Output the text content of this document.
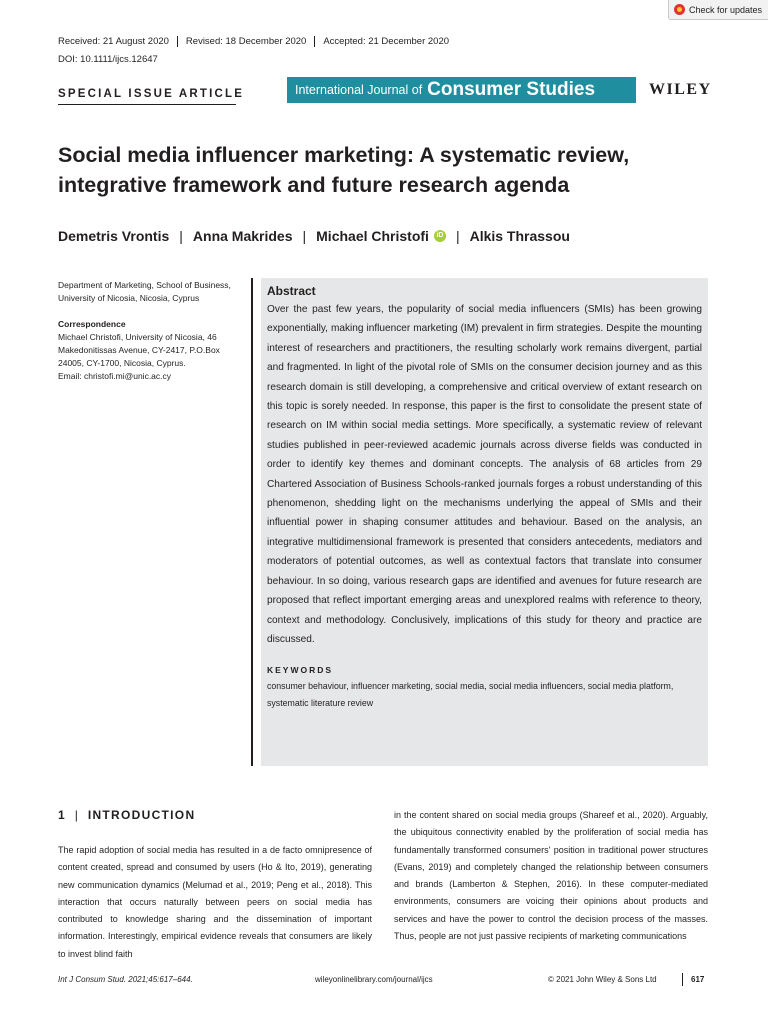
Check for updates
Received: 21 August 2020	Revised: 18 December 2020	Accepted: 21 December 2020
DOI: 10.1111/ijcs.12647
SPECIAL ISSUE ARTICLE	International Journal of Consumer Studies	WILEY
Social media influencer marketing: A systematic review,
integrative framework and future research agenda
Demetris Vrontis | Anna Makrides | Michael Christofi	iD | Alkis Thrassou

Department of Marketing, School of Business, University of Nicosia, Nicosia, Cyprus

Correspondence

Michael Christofi, University of Nicosia, 46 Makedonitissas Avenue, CY-2417, P.O.Box 24005, CY-1700, Nicosia, Cyprus.

Email: christofi.mi@unic.ac.cy

Abstract

Over the past few years, the popularity of social media influencers (SMIs) has been growing exponentially, making influencer marketing (IM) prevalent in firm strategies. Despite the mounting interest of researchers and practitioners, the resulting scholarly work remains divergent, partial and fragmented. In light of the pivotal role of SMIs on the consumer decision journey and as this research domain is still developing, a comprehensive and critical overview of extant research on this topic is sorely needed. In response, this paper is the first to consolidate the present state of research on IM within social media settings. More specifically, a systematic review of relevant studies published in peer-reviewed academic journals across diverse fields was conducted in order to identify key themes and dominant concepts. The analysis of 68 articles from 29 Chartered Association of Business Schools-ranked journals forges a robust understanding of this phenomenon, shedding light on the mechanisms underlying the appeal of SMIs and their influential power in shaping consumer attitudes and behaviour. Based on the analysis, an integrative multidimensional framework is presented that considers antecedents, mediators and moderators of potential outcomes, as well as contextual factors that translate into consumer behaviour. In so doing, various research gaps are identified and avenues for future research are proposed that reflect important emerging areas and unexplored realms with reference to theory, context and methodology. Conclusively, implications of this study for theory and practice are discussed.

KEYWORDS
consumer behaviour, influencer marketing, social media, social media influencers, social media platform, systematic literature review
1 | INTRODUCTION

The rapid adoption of social media has resulted in a de facto omnipresence of content created, spread and consumed by users (Ho & Ito, 2019), generating new communication dynamics (Melumad et al., 2019; Peng et al., 2018). This interaction that occurs naturally between peers on social media has contributed to knowledge sharing and the dissemination of important information. Interestingly, empirical evidence reveals that consumers are likely to invest blind faith

in the content shared on social media groups (Shareef et al., 2020). Arguably, the ubiquitous connectivity enabled by the proliferation of social media has fundamentally transformed consumers' position in traditional power structures (Evans, 2019) and completely changed the relationship between consumers and brands (Lamberton & Stephen, 2016). In these computer-mediated environments, consumers are voicing their opinions about products and services and have the power to control the decision process of the masses. Thus, people are not just passive recipients of marketing communications

Int J Consum Stud. 2021;45:617–644.	wileyonlinelibrary.com/journal/ijcs	© 2021 John Wiley & Sons Ltd	617
